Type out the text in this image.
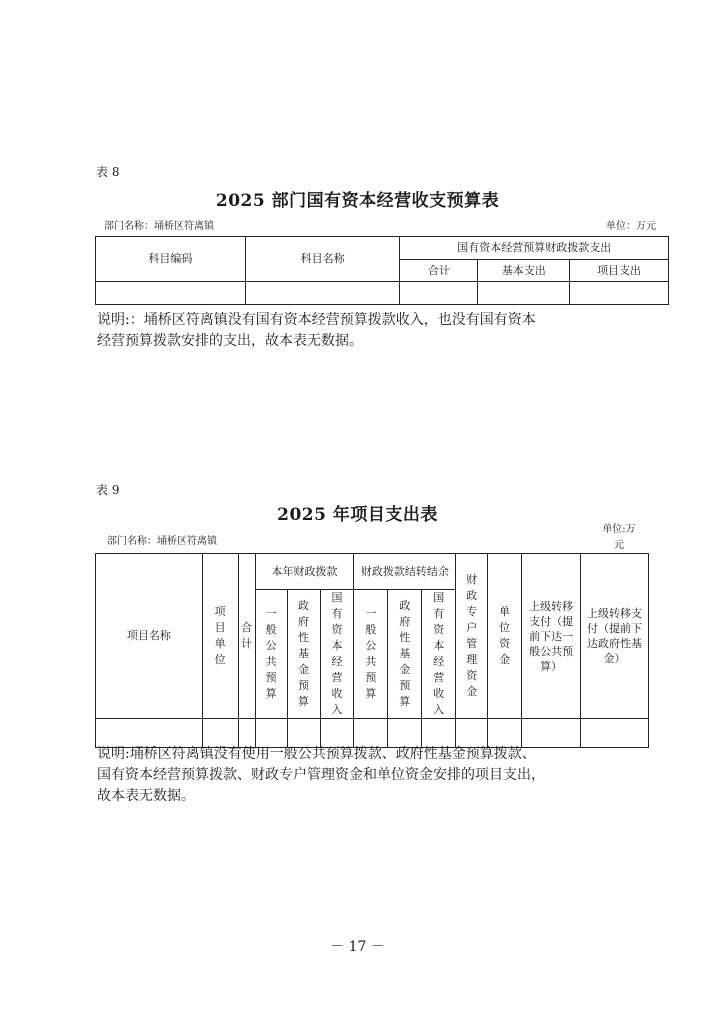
表 8
2025 部门国有资本经营收支预算表
部门名称：埇桥区符离镇	单位：万元
科目编码	科目名称	国有资本经营预算财政拨款支出		
		合计	基本支出	项目支出

说明:：埇桥区符离镇没有国有资本经营预算拨款收入，也没有国有资本
经营预算拨款安排的支出，故本表无数据。
表 9
2025 年项目支出表
部门名称：埇桥区符离镇
单位:万
元
项目名称	项目单位	合计	本年财政拨款			财政拨款结转结余			财政专户管理资金	单位资金	上级转移支付（提前下达一般公共预算）	上级转移支付（提前下达政府性基金）
			一般公共预算	政府性基金预算	国有资本经营收入	一般公共预算	政府性基金预算	国有资本经营收入				

说明:埇桥区符离镇没有使用一般公共预算拨款、政府性基金预算拨款、
国有资本经营预算拨款、财政专户管理资金和单位资金安排的项目支出，
故本表无数据。
－ 17 －
